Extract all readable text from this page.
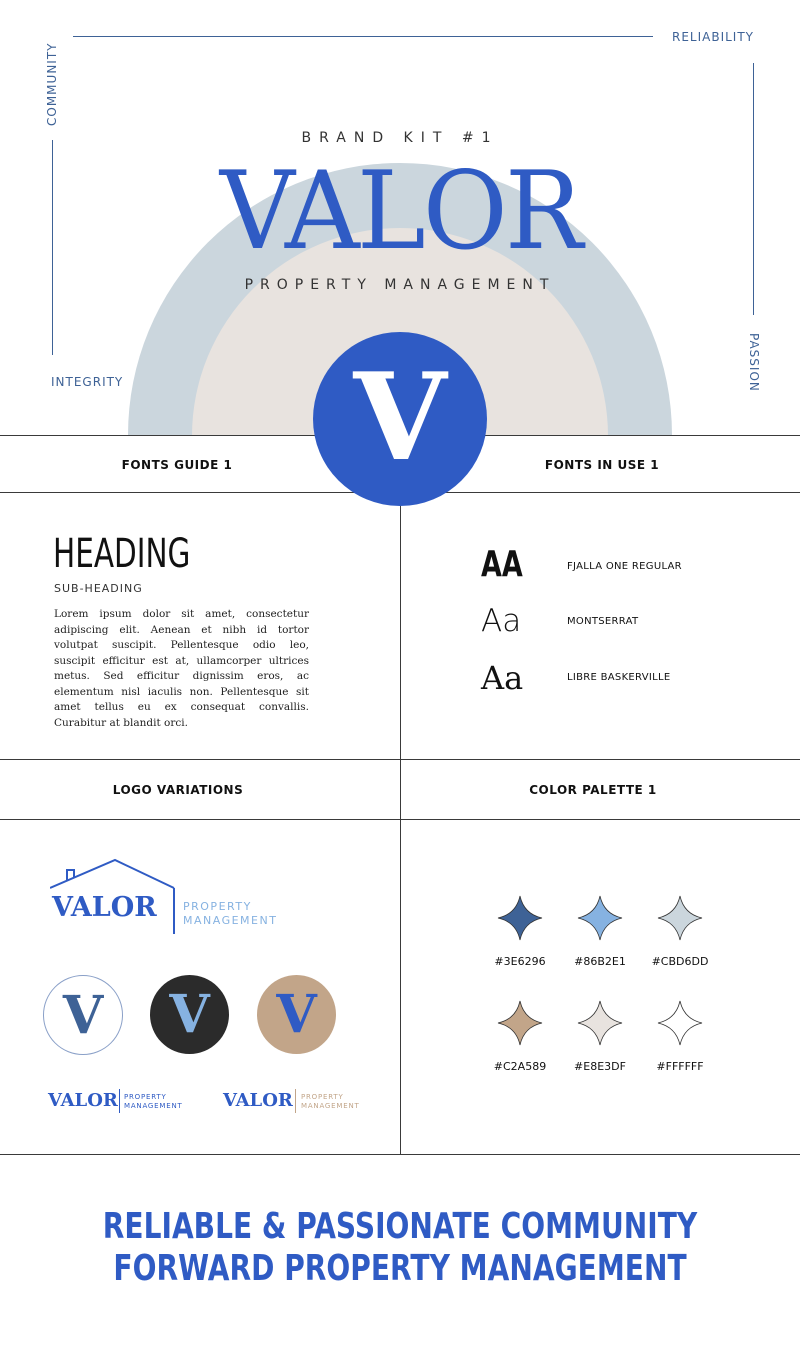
COMMUNITY
RELIABILITY
INTEGRITY	PASSION
BRAND KIT #1
VALOR
PROPERTY MANAGEMENT
V
FONTS GUIDE 1	FONTS IN USE 1
HEADING
SUB-HEADING
Lorem ipsum dolor sit amet, consectetur adipiscing elit. Aenean et nibh id tortor volutpat suscipit. Pellentesque odio leo, suscipit efficitur est at, ullamcorper ultrices metus. Sed efficitur dignissim eros, ac elementum nisl iaculis non. Pellentesque sit amet tellus eu ex consequat convallis. Curabitur at blandit orci.
AA	FJALLA ONE REGULAR
Aa	MONTSERRAT
Aa	LIBRE BASKERVILLE
LOGO VARIATIONS	COLOR PALETTE 1
VALOR PROPERTY
MANAGEMENT
V	V	V
VALOR PROPERTY
MANAGEMENT VALOR PROPERTY
MANAGEMENT
#3E6296	#86B2E1	#CBD6DD
#C2A589	#E8E3DF	#FFFFFF
RELIABLE & PASSIONATE COMMUNITY
FORWARD PROPERTY MANAGEMENT
